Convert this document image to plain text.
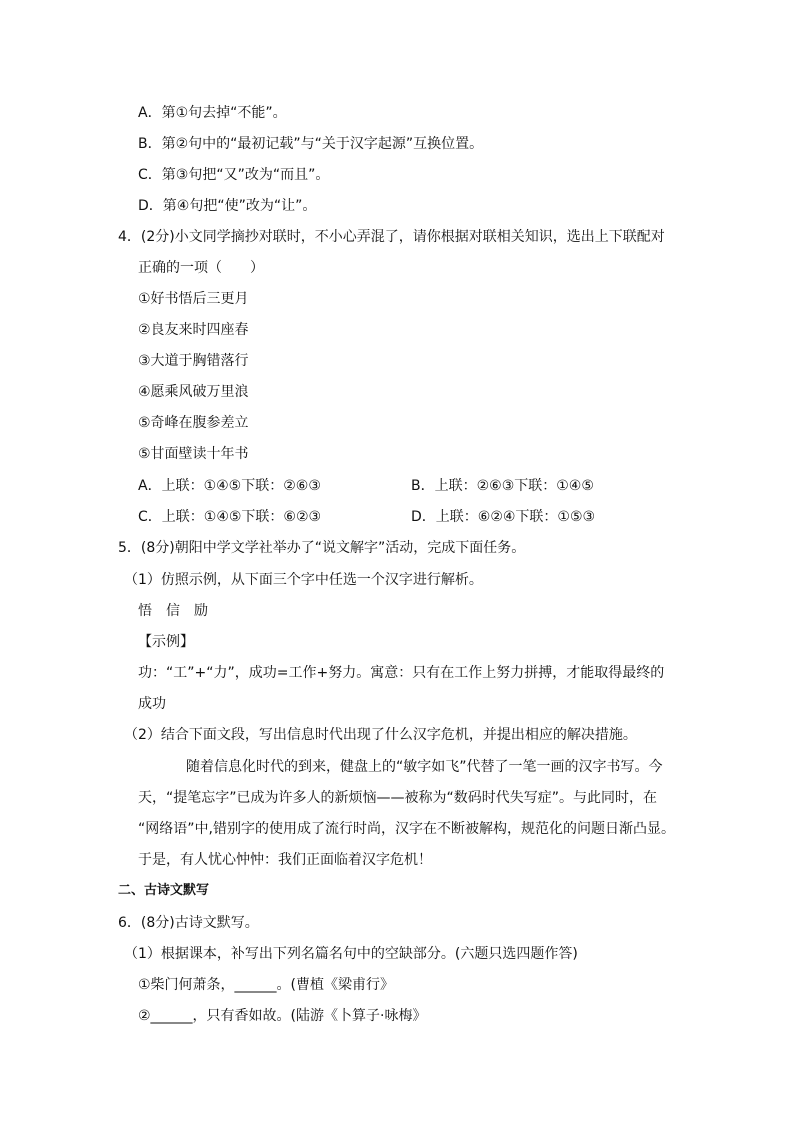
A．第①句去掉“不能”。
B．第②句中的“最初记载”与“关于汉字起源”互换位置。
C．第③句把“又”改为“而且”。
D．第④句把“使”改为“让”。
4．(2分)小文同学摘抄对联时，不小心弄混了，请你根据对联相关知识，选出上下联配对
正确的一项（　　）
①好书悟后三更月
②良友来时四座春
③大道于胸错落行
④愿乘风破万里浪
⑤奇峰在腹参差立
⑤甘面壁读十年书
A．上联：①④⑤下联：②⑥③	B．上联：②⑥③下联：①④⑤
C．上联：①④⑤下联：⑥②③	D．上联：⑥②④下联：①⑤③
5．(8分)朝阳中学文学社举办了“说文解字”活动，完成下面任务。
（1）仿照示例，从下面三个字中任选一个汉字进行解析。
悟　信　励
【示例】
功：“工”+“力”，成功=工作+努力。寓意：只有在工作上努力拼搏，才能取得最终的
成功
（2）结合下面文段，写出信息时代出现了什么汉字危机，并提出相应的解决措施。
随着信息化时代的到来，健盘上的“敏字如飞”代替了一笔一画的汉字书写。今
天，“提笔忘字”已成为许多人的新烦恼——被称为“数码时代失写症”。与此同时，在
“网络语”中,错别字的使用成了流行时尚，汉字在不断被解构，规范化的问题日渐凸显。
于是，有人忧心忡忡：我们正面临着汉字危机！
二、古诗文默写
6．(8分)古诗文默写。
（1）根据课本，补写出下列名篇名句中的空缺部分。(六题只选四题作答)
①柴门何萧条，______。(曹植《梁甫行》
②______，只有香如故。(陆游《卜算子·咏梅》
